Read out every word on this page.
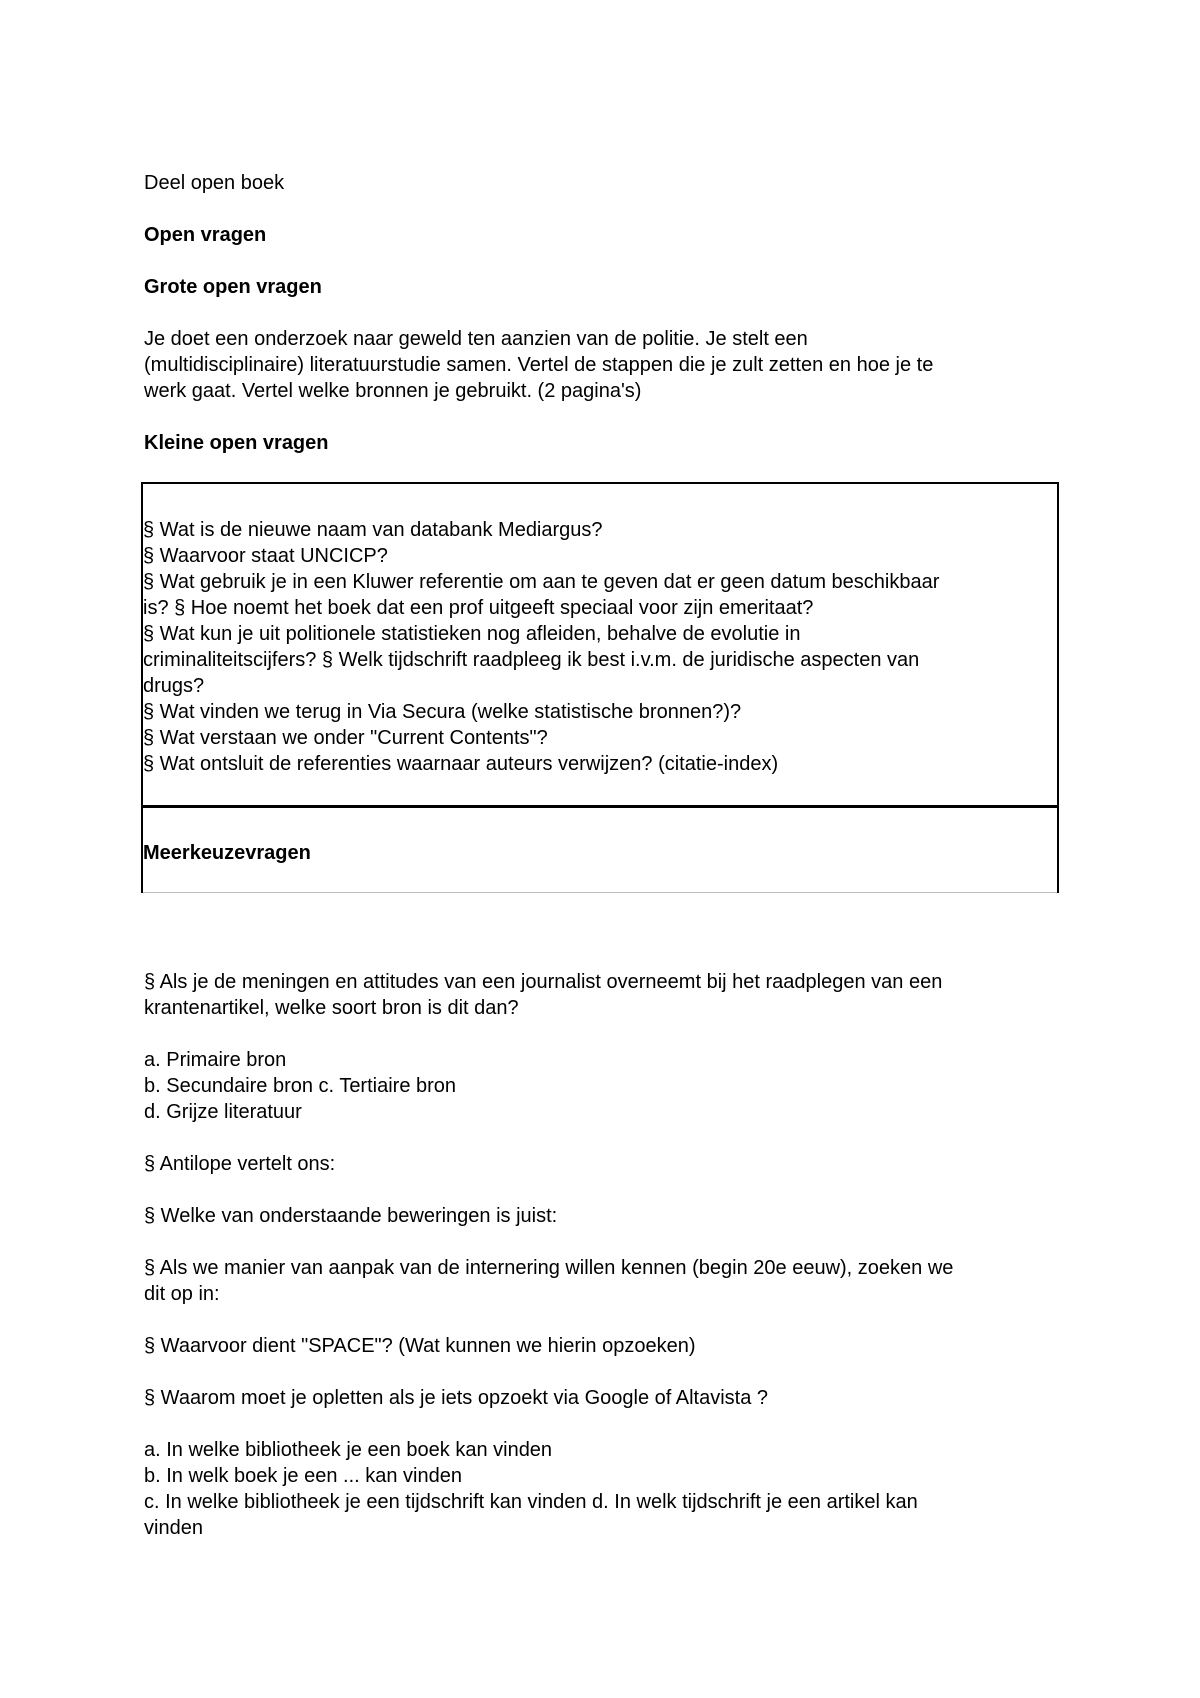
Deel open boek

Open vragen

Grote open vragen

Je doet een onderzoek naar geweld ten aanzien van de politie. Je stelt een
(multidisciplinaire) literatuurstudie samen. Vertel de stappen die je zult zetten en hoe je te
werk gaat. Vertel welke bronnen je gebruikt. (2 pagina's)

Kleine open vragen

§ Wat is de nieuwe naam van databank Mediargus?
§ Waarvoor staat UNCICP?
§ Wat gebruik je in een Kluwer referentie om aan te geven dat er geen datum beschikbaar
is? § Hoe noemt het boek dat een prof uitgeeft speciaal voor zijn emeritaat?
§ Wat kun je uit politionele statistieken nog afleiden, behalve de evolutie in
criminaliteitscijfers? § Welk tijdschrift raadpleeg ik best i.v.m. de juridische aspecten van
drugs?
§ Wat vinden we terug in Via Secura (welke statistische bronnen?)?
§ Wat verstaan we onder "Current Contents"?
§ Wat ontsluit de referenties waarnaar auteurs verwijzen? (citatie-index)
Meerkeuzevragen
§ Als je de meningen en attitudes van een journalist overneemt bij het raadplegen van een
krantenartikel, welke soort bron is dit dan?
a. Primaire bron
b. Secundaire bron c. Tertiaire bron
d. Grijze literatuur
§ Antilope vertelt ons:
§ Welke van onderstaande beweringen is juist:
§ Als we manier van aanpak van de internering willen kennen (begin 20e eeuw), zoeken we
dit op in:
§ Waarvoor dient "SPACE"? (Wat kunnen we hierin opzoeken)
§ Waarom moet je opletten als je iets opzoekt via Google of Altavista ?
a. In welke bibliotheek je een boek kan vinden
b. In welk boek je een ... kan vinden
c. In welke bibliotheek je een tijdschrift kan vinden d. In welk tijdschrift je een artikel kan
vinden
